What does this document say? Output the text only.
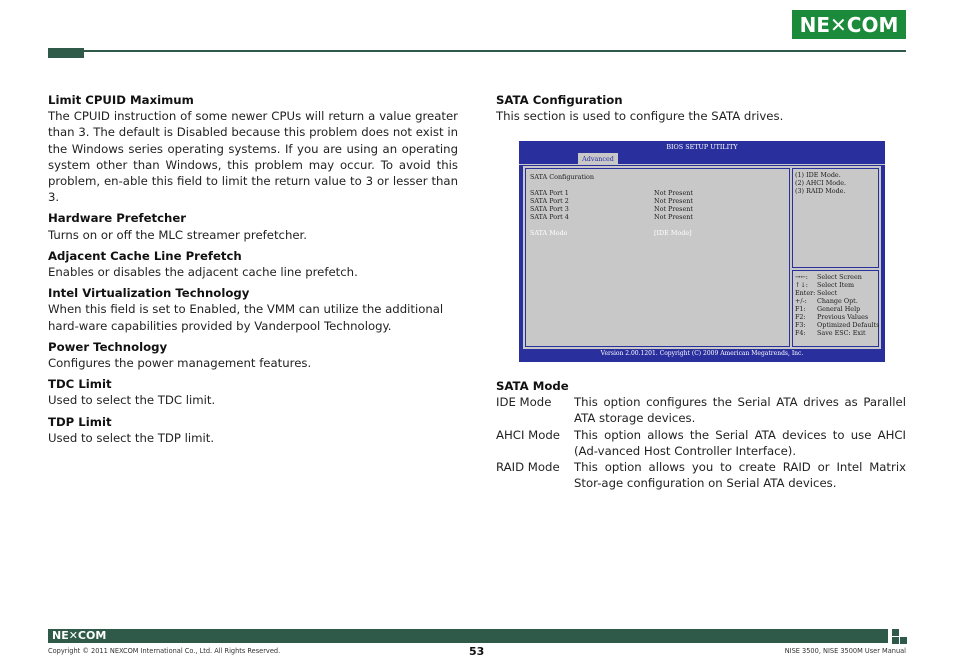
NE✕COM
Limit CPUID Maximum
The CPUID instruction of some newer CPUs will return a value greater than 3. The default is Disabled because this problem does not exist in the Windows series operating systems. If you are using an operating system other than Windows, this problem may occur. To avoid this problem, en-able this field to limit the return value to 3 or lesser than 3.
Hardware Prefetcher
Turns on or off the MLC streamer prefetcher.
Adjacent Cache Line Prefetch
Enables or disables the adjacent cache line prefetch.
Intel Virtualization Technology
When this field is set to Enabled, the VMM can utilize the additional hard-ware capabilities provided by Vanderpool Technology.
Power Technology
Configures the power management features.
TDC Limit
Used to select the TDC limit.
TDP Limit
Used to select the TDP limit.
SATA Configuration
This section is used to configure the SATA drives.
BIOS SETUP UTILITY
Advanced
SATA Configuration
SATA Port 1	Not Present
SATA Port 2	Not Present
SATA Port 3	Not Present
SATA Port 4	Not Present
SATA Mode	[IDE Mode]
(1) IDE Mode.
(2) AHCI Mode.
(3) RAID Mode.
→←: Select Screen
↑↓: Select Item
Enter: Select
+/-: Change Opt.
F1: General Help
F2: Previous Values
F3: Optimized Defaults
F4: Save ESC: Exit
Version 2.00.1201. Copyright (C) 2009 American Megatrends, Inc.
SATA Mode
IDE Mode	This option configures the Serial ATA drives as Parallel ATA storage devices.
AHCI Mode	This option allows the Serial ATA devices to use AHCI (Ad-vanced Host Controller Interface).
RAID Mode	This option allows you to create RAID or Intel Matrix Stor-age configuration on Serial ATA devices.
NE✕COM
Copyright © 2011 NEXCOM International Co., Ltd. All Rights Reserved.	53	NISE 3500, NISE 3500M User Manual
